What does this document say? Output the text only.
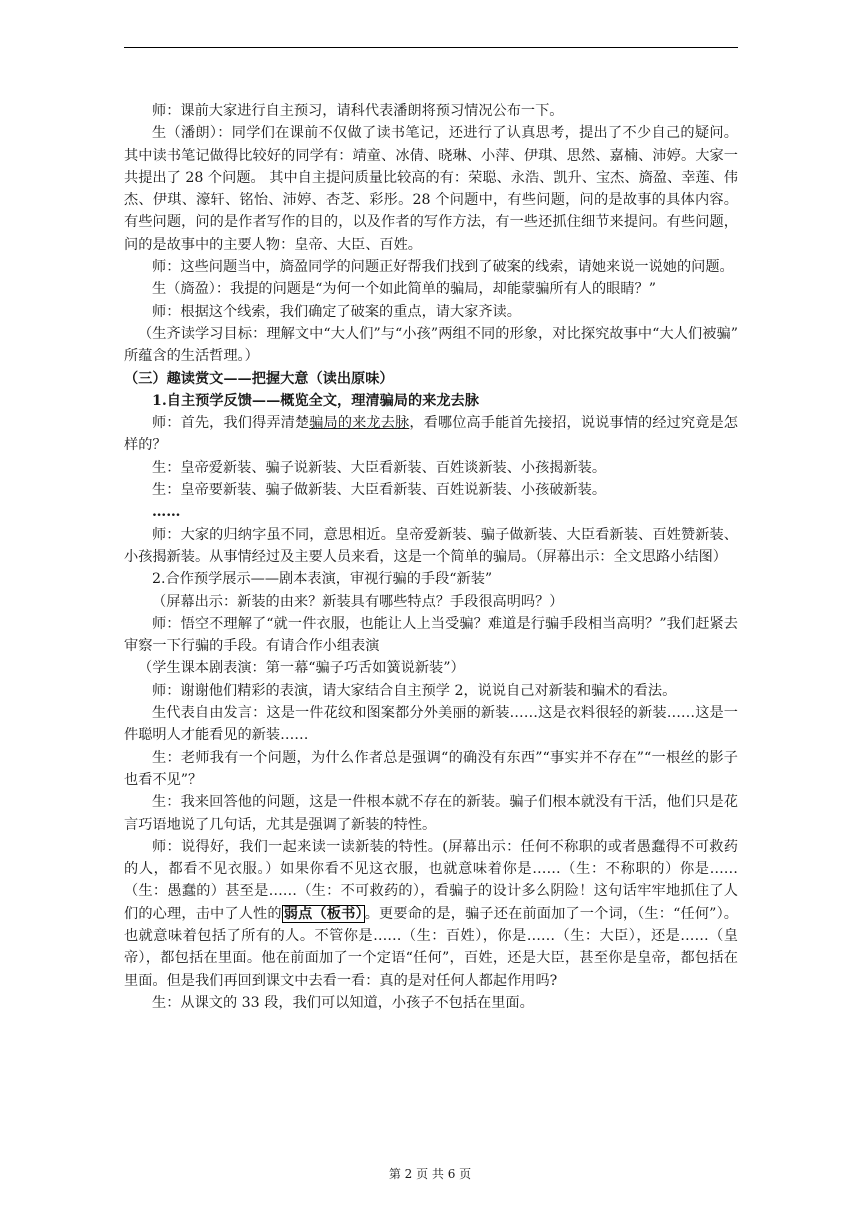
师：课前大家进行自主预习，请科代表潘朗将预习情况公布一下。

生（潘朗）：同学们在课前不仅做了读书笔记，还进行了认真思考，提出了不少自己的疑问。其中读书笔记做得比较好的同学有：靖童、冰倩、晓琳、小萍、伊琪、思然、嘉楠、沛婷。大家一共提出了 28 个问题。 其中自主提问质量比较高的有：荣聪、永浩、凯升、宝杰、旖盈、幸莲、伟杰、伊琪、濠轩、铭怡、沛婷、杏芝、彩彤。28 个问题中，有些问题，问的是故事的具体内容。有些问题，问的是作者写作的目的，以及作者的写作方法，有一些还抓住细节来提问。有些问题，问的是故事中的主要人物：皇帝、大臣、百姓。

师：这些问题当中，旖盈同学的问题正好帮我们找到了破案的线索，请她来说一说她的问题。

生（旖盈）：我提的问题是“为何一个如此简单的骗局，却能蒙骗所有人的眼睛？”

师：根据这个线索，我们确定了破案的重点，请大家齐读。

（生齐读学习目标：理解文中“大人们”与“小孩”两组不同的形象，对比探究故事中“大人们被骗” 所蕴含的生活哲理。）

（三）趣读赏文——把握大意（读出原味）

1.自主预学反馈——概览全文，理清骗局的来龙去脉

师：首先，我们得弄清楚骗局的来龙去脉，看哪位高手能首先接招，说说事情的经过究竟是怎样的？

生：皇帝爱新装、骗子说新装、大臣看新装、百姓谈新装、小孩揭新装。

生：皇帝要新装、骗子做新装、大臣看新装、百姓说新装、小孩破新装。

……

师：大家的归纳字虽不同，意思相近。皇帝爱新装、骗子做新装、大臣看新装、百姓赞新装、小孩揭新装。从事情经过及主要人员来看，这是一个简单的骗局。（屏幕出示：全文思路小结图）

2.合作预学展示——剧本表演，审视行骗的手段“新装”

（屏幕出示：新装的由来？新装具有哪些特点？手段很高明吗？）

师：悟空不理解了“就一件衣服，也能让人上当受骗？难道是行骗手段相当高明？”我们赶紧去审察一下行骗的手段。有请合作小组表演

（学生课本剧表演：第一幕“骗子巧舌如簧说新装”）

师：谢谢他们精彩的表演，请大家结合自主预学 2，说说自己对新装和骗术的看法。

生代表自由发言：这是一件花纹和图案都分外美丽的新装……这是衣料很轻的新装……这是一件聪明人才能看见的新装……

生：老师我有一个问题，为什么作者总是强调“的确没有东西”“事实并不存在”“一根丝的影子也看不见”？

生：我来回答他的问题，这是一件根本就不存在的新装。骗子们根本就没有干活，他们只是花言巧语地说了几句话，尤其是强调了新装的特性。

师：说得好，我们一起来读一读新装的特性。(屏幕出示：任何不称职的或者愚蠢得不可救药的人，都看不见衣服。）如果你看不见这衣服，也就意味着你是……（生：不称职的）你是……（生：愚蠢的）甚至是……（生：不可救药的），看骗子的设计多么阴险！这句话牢牢地抓住了人们的心理，击中了人性的 弱点（板书） 。更要命的是，骗子还在前面加了一个词，（生：“任何”）。也就意味着包括了所有的人。不管你是……（生：百姓），你是……（生：大臣），还是……（皇帝），都包括在里面。他在前面加了一个定语“任何”，百姓，还是大臣，甚至你是皇帝，都包括在里面。但是我们再回到课文中去看一看：真的是对任何人都起作用吗?

生：从课文的 33 段，我们可以知道，小孩子不包括在里面。

第 2 页 共 6 页
